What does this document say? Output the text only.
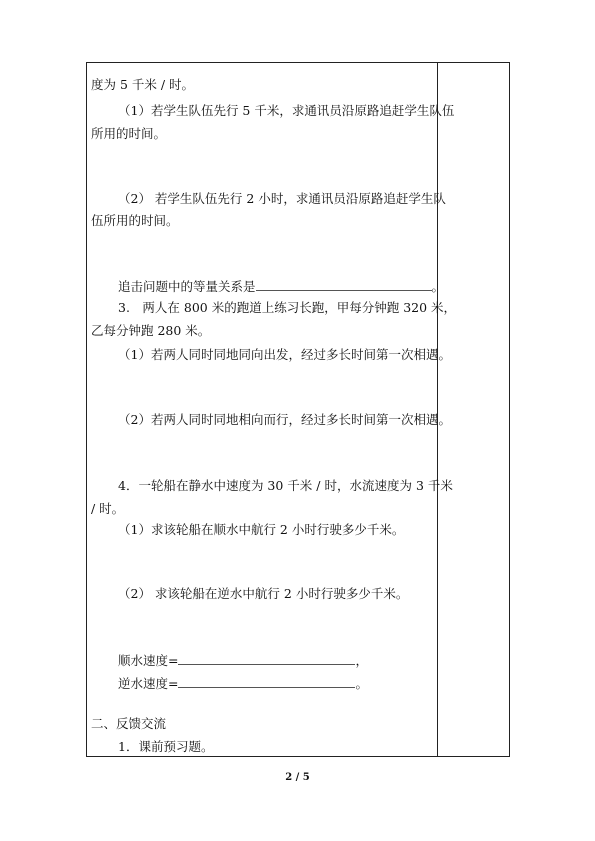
度为 5 千米 / 时。
（1）若学生队伍先行 5 千米，求通讯员沿原路追赶学生队伍
所用的时间。
（2） 若学生队伍先行 2 小时，求通讯员沿原路追赶学生队
伍所用的时间。
追击问题中的等量关系是	。
3.　两人在 800 米的跑道上练习长跑，甲每分钟跑 320 米，
乙每分钟跑 280 米。
（1）若两人同时同地同向出发，经过多长时间第一次相遇。
（2）若两人同时同地相向而行，经过多长时间第一次相遇。
4．一轮船在静水中速度为 30 千米 / 时，水流速度为 3 千米
/ 时。
（1）求该轮船在顺水中航行 2 小时行驶多少千米。
（2） 求该轮船在逆水中航行 2 小时行驶多少千米。
顺水速度=	，
逆水速度=	。
二、反馈交流
1．课前预习题。
2 / 5
